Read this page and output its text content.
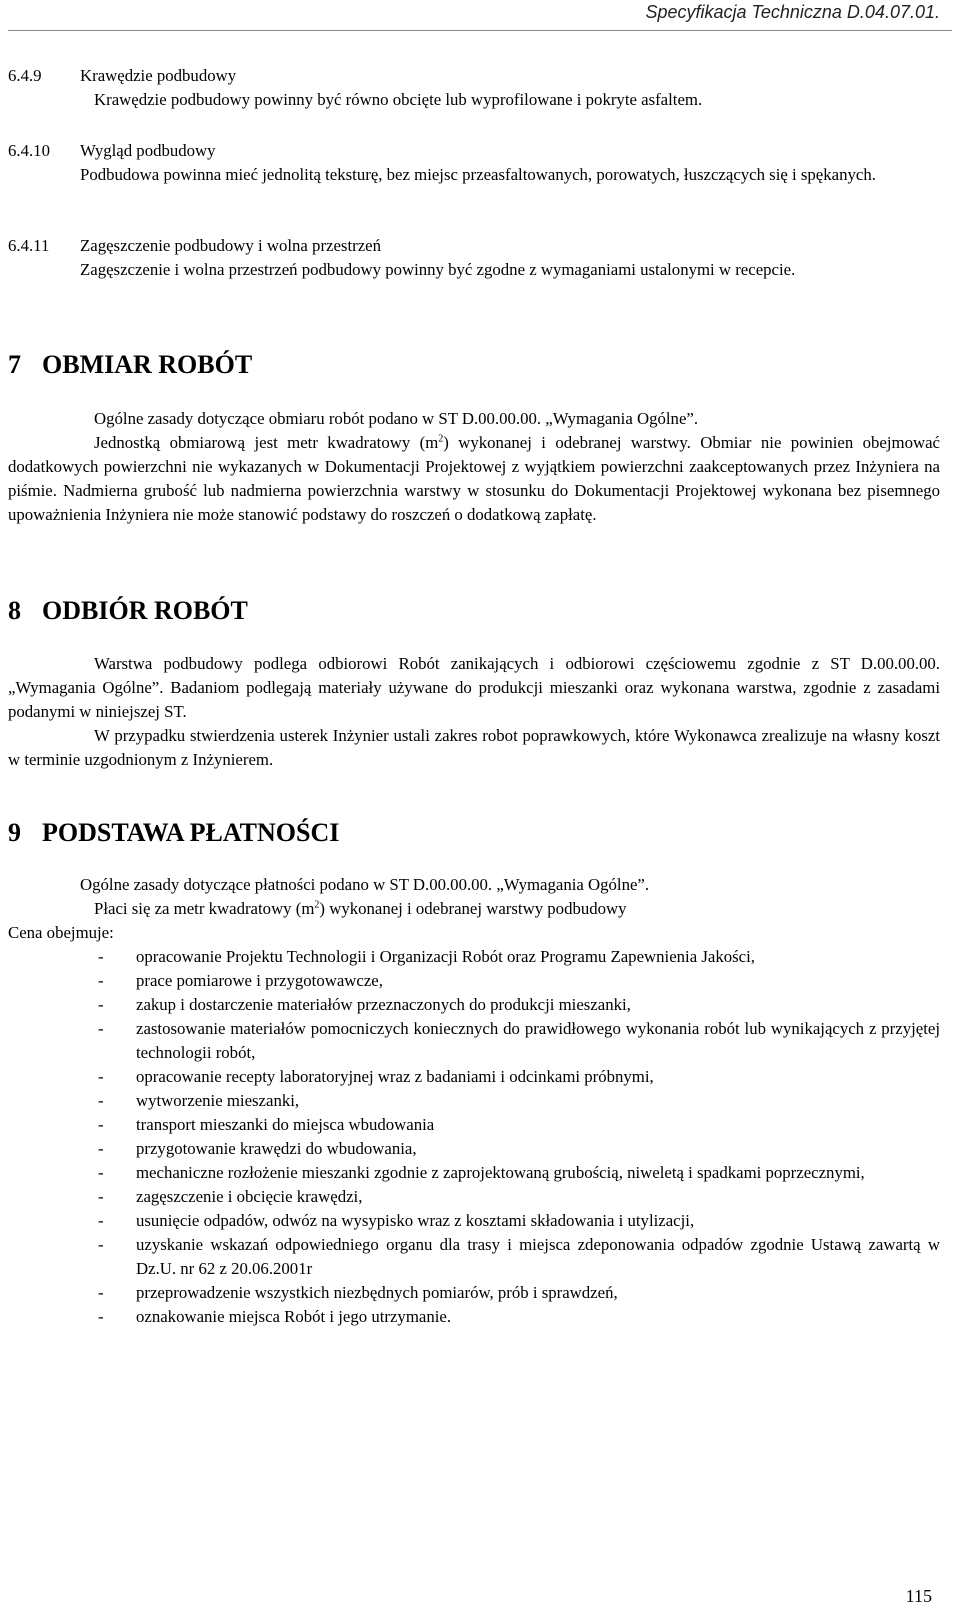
Specyfikacja Techniczna D.04.07.01.
6.4.9 Krawędzie podbudowy
Krawędzie podbudowy powinny być równo obcięte lub wyprofilowane i pokryte asfaltem.
6.4.10 Wygląd podbudowy
Podbudowa powinna mieć jednolitą teksturę, bez miejsc przeasfaltowanych, porowatych, łuszczących się i spękanych.
6.4.11 Zagęszczenie podbudowy i wolna przestrzeń
Zagęszczenie i wolna przestrzeń podbudowy powinny być zgodne z wymaganiami ustalonymi w recepcie.
7 OBMIAR ROBÓT
Ogólne zasady dotyczące obmiaru robót podano w ST D.00.00.00. „Wymagania Ogólne”.
Jednostką obmiarową jest metr kwadratowy $(m^2)$ wykonanej i odebranej warstwy. Obmiar nie powinien obejmować dodatkowych powierzchni nie wykazanych w Dokumentacji Projektowej z wyjątkiem powierzchni zaakceptowanych przez Inżyniera na piśmie. Nadmierna grubość lub nadmierna powierzchnia warstwy w stosunku do Dokumentacji Projektowej wykonana bez pisemnego upoważnienia Inżyniera nie może stanowić podstawy do roszczeń o dodatkową zapłatę.
8 ODBIÓR ROBÓT
Warstwa podbudowy podlega odbiorowi Robót zanikających i odbiorowi częściowemu zgodnie z ST D.00.00.00. „Wymagania Ogólne”. Badaniom podlegają materiały używane do produkcji mieszanki oraz wykonana warstwa, zgodnie z zasadami podanymi w niniejszej ST.
W przypadku stwierdzenia usterek Inżynier ustali zakres robot poprawkowych, które Wykonawca zrealizuje na własny koszt w terminie uzgodnionym z Inżynierem.
9 PODSTAWA PŁATNOŚCI
Ogólne zasady dotyczące płatności podano w ST D.00.00.00. „Wymagania Ogólne”.
Płaci się za metr kwadratowy $(m^2)$ wykonanej i odebranej warstwy podbudowy
Cena obejmuje:
- opracowanie Projektu Technologii i Organizacji Robót oraz Programu Zapewnienia Jakości,
- prace pomiarowe i przygotowawcze,
- zakup i dostarczenie materiałów przeznaczonych do produkcji mieszanki,
- zastosowanie materiałów pomocniczych koniecznych do prawidłowego wykonania robót lub wynikających z przyjętej technologii robót,
- opracowanie recepty laboratoryjnej wraz z badaniami i odcinkami próbnymi,
- wytworzenie mieszanki,
- transport mieszanki do miejsca wbudowania
- przygotowanie krawędzi do wbudowania,
- mechaniczne rozłożenie mieszanki zgodnie z zaprojektowaną grubością, niweletą i spadkami poprzecznymi,
- zagęszczenie i obcięcie krawędzi,
- usunięcie odpadów, odwóz na wysypisko wraz z kosztami składowania i utylizacji,
- uzyskanie wskazań odpowiedniego organu dla trasy i miejsca zdeponowania odpadów zgodnie Ustawą zawartą w Dz.U. nr 62 z 20.06.2001r
- przeprowadzenie wszystkich niezbędnych pomiarów, prób i sprawdzeń,
- oznakowanie miejsca Robót i jego utrzymanie.
115
